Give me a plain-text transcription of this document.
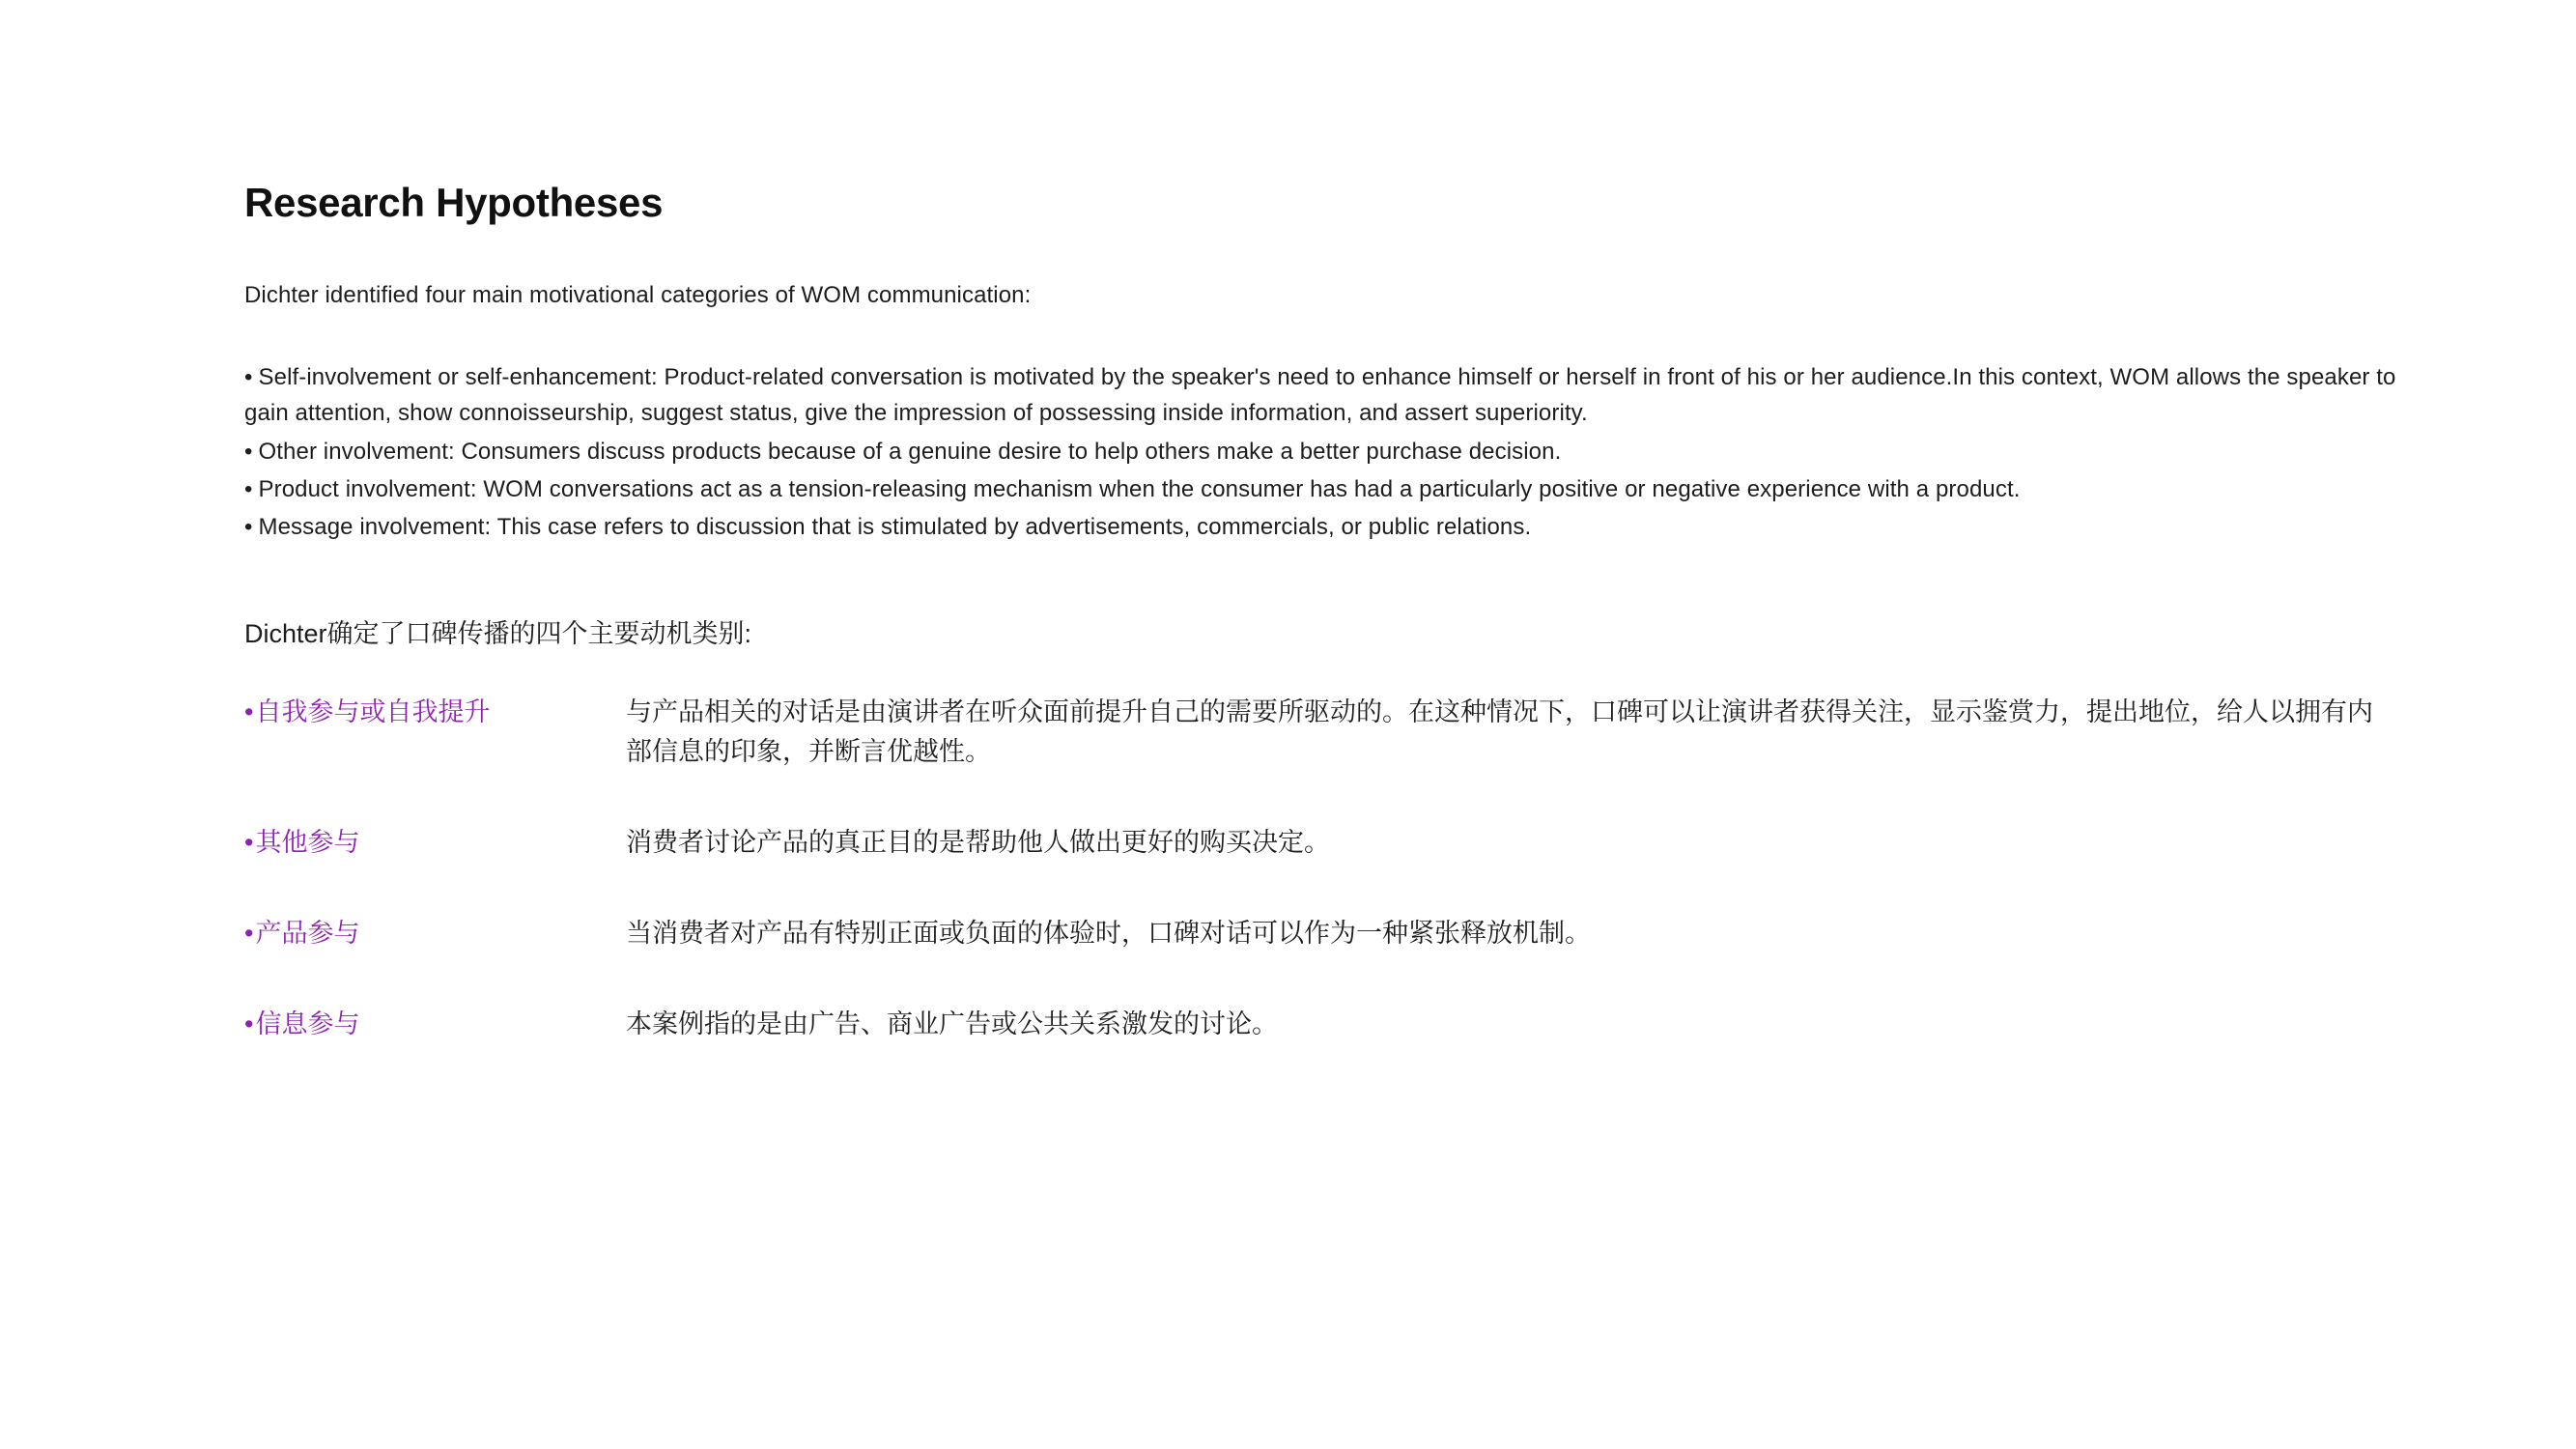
Research Hypotheses

Dichter identified four main motivational categories of WOM communication:

• Self-involvement or self-enhancement: Product-related conversation is motivated by the speaker's need to enhance himself or herself in front of his or her audience.In this context, WOM allows the speaker to gain attention, show connoisseurship, suggest status, give the impression of possessing inside information, and assert superiority.
• Other involvement: Consumers discuss products because of a genuine desire to help others make a better purchase decision.
• Product involvement: WOM conversations act as a tension-releasing mechanism when the consumer has had a particularly positive or negative experience with a product.
• Message involvement: This case refers to discussion that is stimulated by advertisements, commercials, or public relations.

Dichter确定了口碑传播的四个主要动机类别:

•自我参与或自我提升	与产品相关的对话是由演讲者在听众面前提升自己的需要所驱动的。在这种情况下，口碑可以让演讲者获得关注，显示鉴赏力，提出地位，给人以拥有内部信息的印象，并断言优越性。
•其他参与	消费者讨论产品的真正目的是帮助他人做出更好的购买决定。
•产品参与	当消费者对产品有特别正面或负面的体验时，口碑对话可以作为一种紧张释放机制。
•信息参与	本案例指的是由广告、商业广告或公共关系激发的讨论。
